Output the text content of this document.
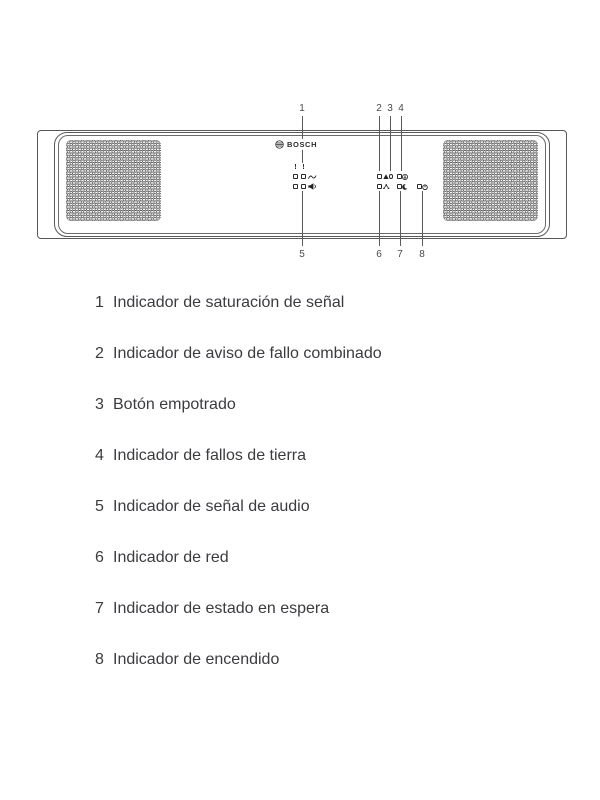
1	2 3 4
5	6	7	8
BOSCH
! !
1 Indicador de saturación de señal
2 Indicador de aviso de fallo combinado
3 Botón empotrado
4 Indicador de fallos de tierra
5 Indicador de señal de audio
6 Indicador de red
7 Indicador de estado en espera
8 Indicador de encendido
